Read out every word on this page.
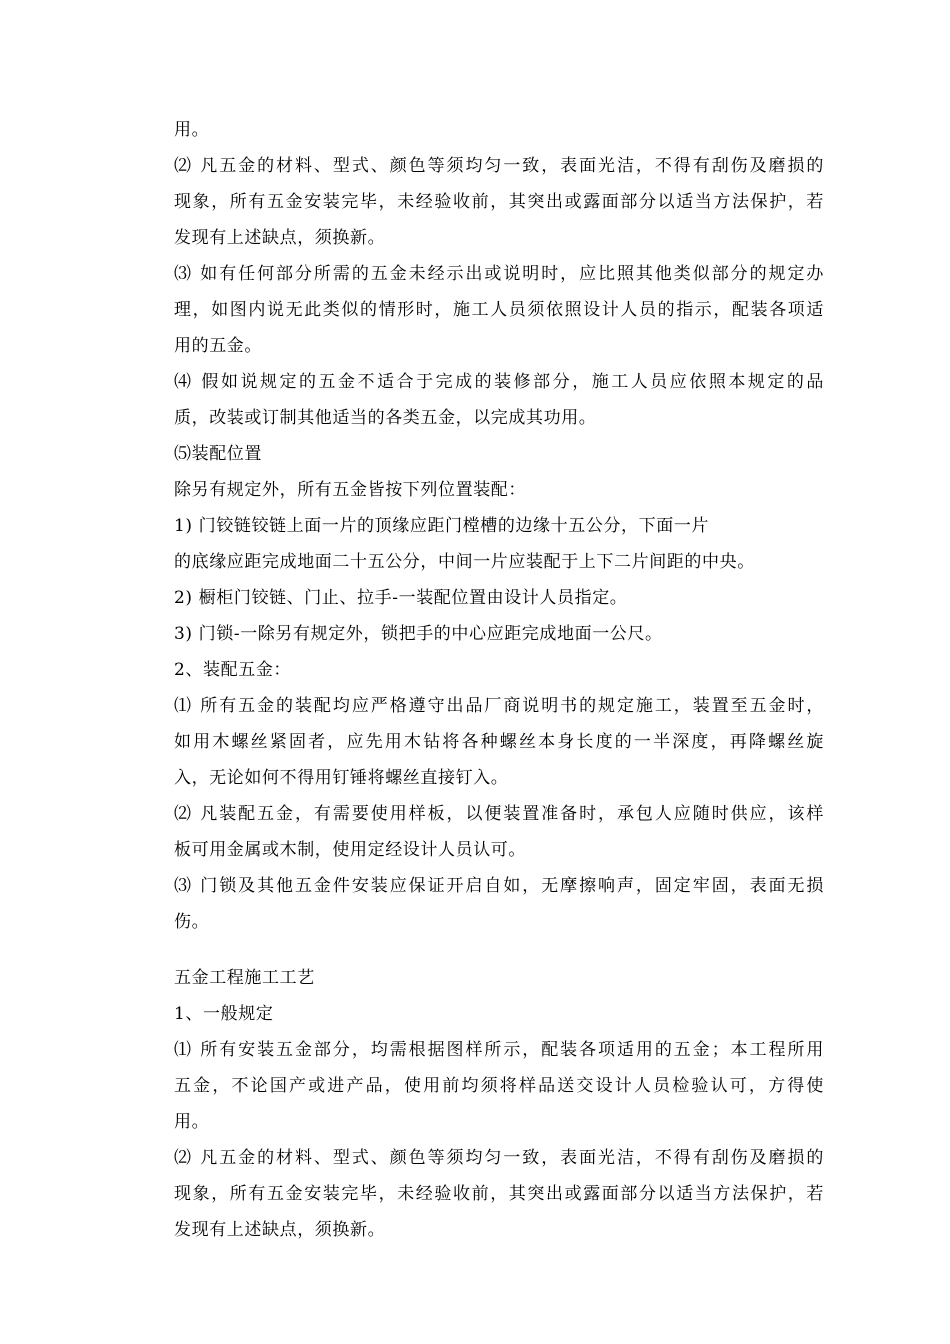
用。
⑵ 凡五金的材料、型式、颜色等须均匀一致，表面光洁，不得有刮伤及磨损的
现象，所有五金安装完毕，未经验收前，其突出或露面部分以适当方法保护，若
发现有上述缺点，须换新。
⑶ 如有任何部分所需的五金未经示出或说明时，应比照其他类似部分的规定办
理，如图内说无此类似的情形时，施工人员须依照设计人员的指示，配装各项适
用的五金。
⑷ 假如说规定的五金不适合于完成的装修部分，施工人员应依照本规定的品
质，改装或订制其他适当的各类五金，以完成其功用。
⑸装配位置
除另有规定外，所有五金皆按下列位置装配：
1) 门铰链铰链上面一片的顶缘应距门樘槽的边缘十五公分，下面一片
的底缘应距完成地面二十五公分，中间一片应装配于上下二片间距的中央。
2) 橱柜门铰链、门止、拉手-一装配位置由设计人员指定。
3) 门锁-一除另有规定外，锁把手的中心应距完成地面一公尺。
2、装配五金：
⑴ 所有五金的装配均应严格遵守出品厂商说明书的规定施工，装置至五金时，
如用木螺丝紧固者，应先用木钻将各种螺丝本身长度的一半深度，再降螺丝旋
入，无论如何不得用钉锤将螺丝直接钉入。
⑵ 凡装配五金，有需要使用样板，以便装置准备时，承包人应随时供应，该样
板可用金属或木制，使用定经设计人员认可。
⑶ 门锁及其他五金件安装应保证开启自如，无摩擦响声，固定牢固，表面无损
伤。
五金工程施工工艺
1、一般规定
⑴ 所有安装五金部分，均需根据图样所示，配装各项适用的五金；本工程所用
五金，不论国产或进产品，使用前均须将样品送交设计人员检验认可，方得使
用。
⑵ 凡五金的材料、型式、颜色等须均匀一致，表面光洁，不得有刮伤及磨损的
现象，所有五金安装完毕，未经验收前，其突出或露面部分以适当方法保护，若
发现有上述缺点，须换新。
